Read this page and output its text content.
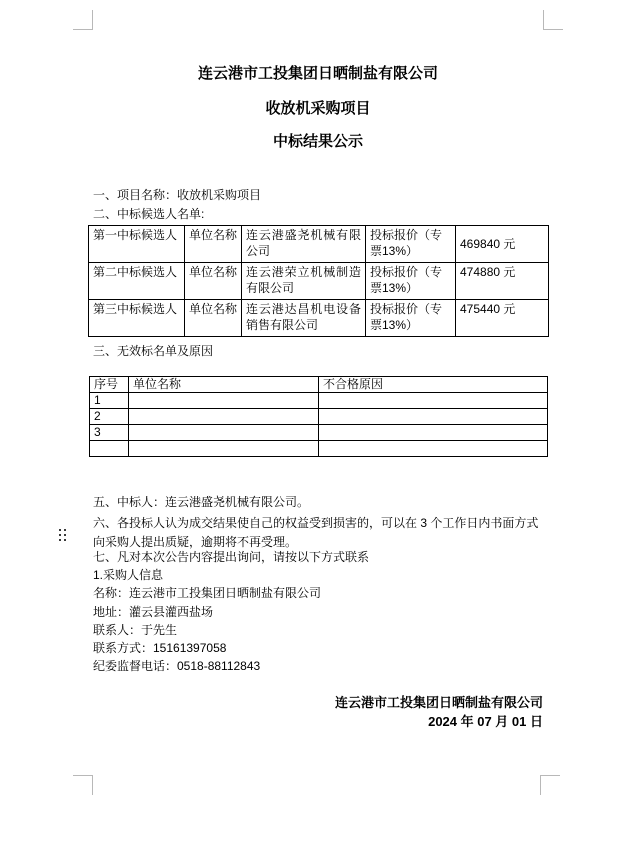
连云港市工投集团日晒制盐有限公司
收放机采购项目
中标结果公示
一、项目名称：收放机采购项目
二、中标候选人名单:
第一中标候选人	单位名称	连云港盛尧机械有限公司	投标报价（专票13%）	469840 元
第二中标候选人	单位名称	连云港荣立机械制造有限公司	投标报价（专票13%）	474880 元
第三中标候选人	单位名称	连云港达昌机电设备销售有限公司	投标报价（专票13%）	475440 元
三、无效标名单及原因
序号	单位名称	不合格原因
1		
2		
3		

五、中标人：连云港盛尧机械有限公司。
六、各投标人认为成交结果使自己的权益受到损害的，可以在 3 个工作日内书面方式向采购人提出质疑，逾期将不再受理。
七、凡对本次公告内容提出询问，请按以下方式联系
1.采购人信息
名称：连云港市工投集团日晒制盐有限公司
地址：灌云县灌西盐场
联系人：于先生
联系方式：15161397058
纪委监督电话：0518-88112843
连云港市工投集团日晒制盐有限公司
2024 年 07 月 01 日
